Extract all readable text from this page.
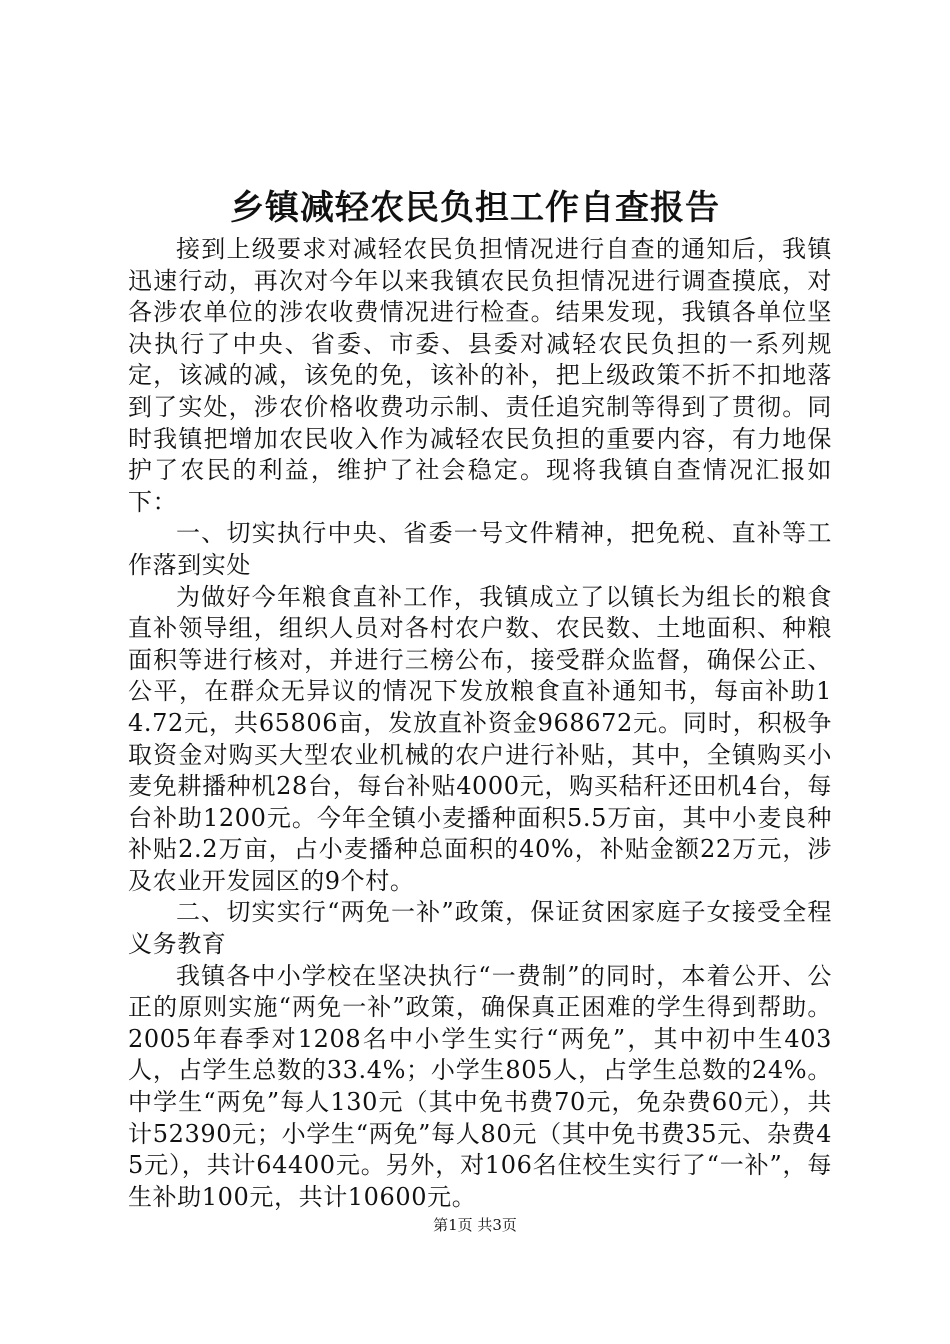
乡镇减轻农民负担工作自查报告

接到上级要求对减轻农民负担情况进行自查的通知后，我镇迅速行动，再次对今年以来我镇农民负担情况进行调查摸底，对各涉农单位的涉农收费情况进行检查。结果发现，我镇各单位坚决执行了中央、省委、市委、县委对减轻农民负担的一系列规定，该减的减，该免的免，该补的补，把上级政策不折不扣地落到了实处，涉农价格收费功示制、责任追究制等得到了贯彻。同时我镇把增加农民收入作为减轻农民负担的重要内容，有力地保护了农民的利益，维护了社会稳定。现将我镇自查情况汇报如下：

一、切实执行中央、省委一号文件精神，把免税、直补等工作落到实处

为做好今年粮食直补工作，我镇成立了以镇长为组长的粮食直补领导组，组织人员对各村农户数、农民数、土地面积、种粮面积等进行核对，并进行三榜公布，接受群众监督，确保公正、公平，在群众无异议的情况下发放粮食直补通知书，每亩补助14.72元，共65806亩，发放直补资金968672元。同时，积极争取资金对购买大型农业机械的农户进行补贴，其中，全镇购买小麦免耕播种机28台，每台补贴4000元，购买秸秆还田机4台，每台补助1200元。今年全镇小麦播种面积5.5万亩，其中小麦良种补贴2.2万亩，占小麦播种总面积的40%，补贴金额22万元，涉及农业开发园区的9个村。

二、切实实行“两免一补”政策，保证贫困家庭子女接受全程义务教育

我镇各中小学校在坚决执行“一费制”的同时，本着公开、公正的原则实施“两免一补”政策，确保真正困难的学生得到帮助。2005年春季对1208名中小学生实行“两免”，其中初中生403人，占学生总数的33.4%；小学生805人，占学生总数的24%。中学生“两免”每人130元（其中免书费70元，免杂费60元），共计52390元；小学生“两免”每人80元（其中免书费35元、杂费45元），共计64400元。另外，对106名住校生实行了“一补”，每生补助100元，共计10600元。

第1页 共3页
